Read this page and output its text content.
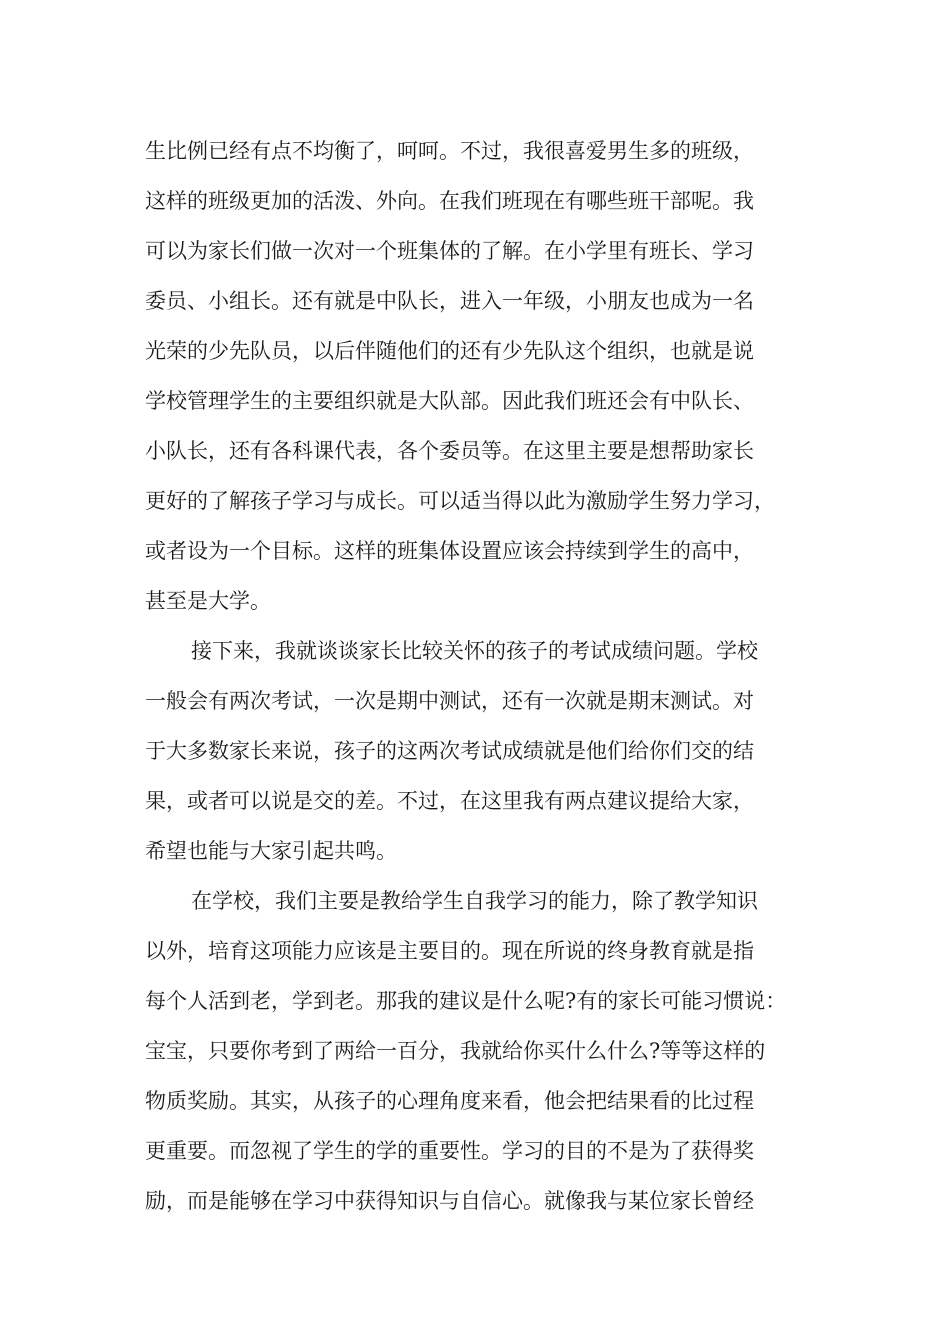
生比例已经有点不均衡了，呵呵。不过，我很喜爱男生多的班级，
这样的班级更加的活泼、外向。在我们班现在有哪些班干部呢。我
可以为家长们做一次对一个班集体的了解。在小学里有班长、学习
委员、小组长。还有就是中队长，进入一年级，小朋友也成为一名
光荣的少先队员，以后伴随他们的还有少先队这个组织，也就是说
学校管理学生的主要组织就是大队部。因此我们班还会有中队长、
小队长，还有各科课代表，各个委员等。在这里主要是想帮助家长
更好的了解孩子学习与成长。可以适当得以此为激励学生努力学习，
或者设为一个目标。这样的班集体设置应该会持续到学生的高中，
甚至是大学。
接下来，我就谈谈家长比较关怀的孩子的考试成绩问题。学校
一般会有两次考试，一次是期中测试，还有一次就是期末测试。对
于大多数家长来说，孩子的这两次考试成绩就是他们给你们交的结
果，或者可以说是交的差。不过，在这里我有两点建议提给大家，
希望也能与大家引起共鸣。
在学校，我们主要是教给学生自我学习的能力，除了教学知识
以外，培育这项能力应该是主要目的。现在所说的终身教育就是指
每个人活到老，学到老。那我的建议是什么呢?有的家长可能习惯说：
宝宝，只要你考到了两给一百分，我就给你买什么什么?等等这样的
物质奖励。其实，从孩子的心理角度来看，他会把结果看的比过程
更重要。而忽视了学生的学的重要性。学习的目的不是为了获得奖
励，而是能够在学习中获得知识与自信心。就像我与某位家长曾经
